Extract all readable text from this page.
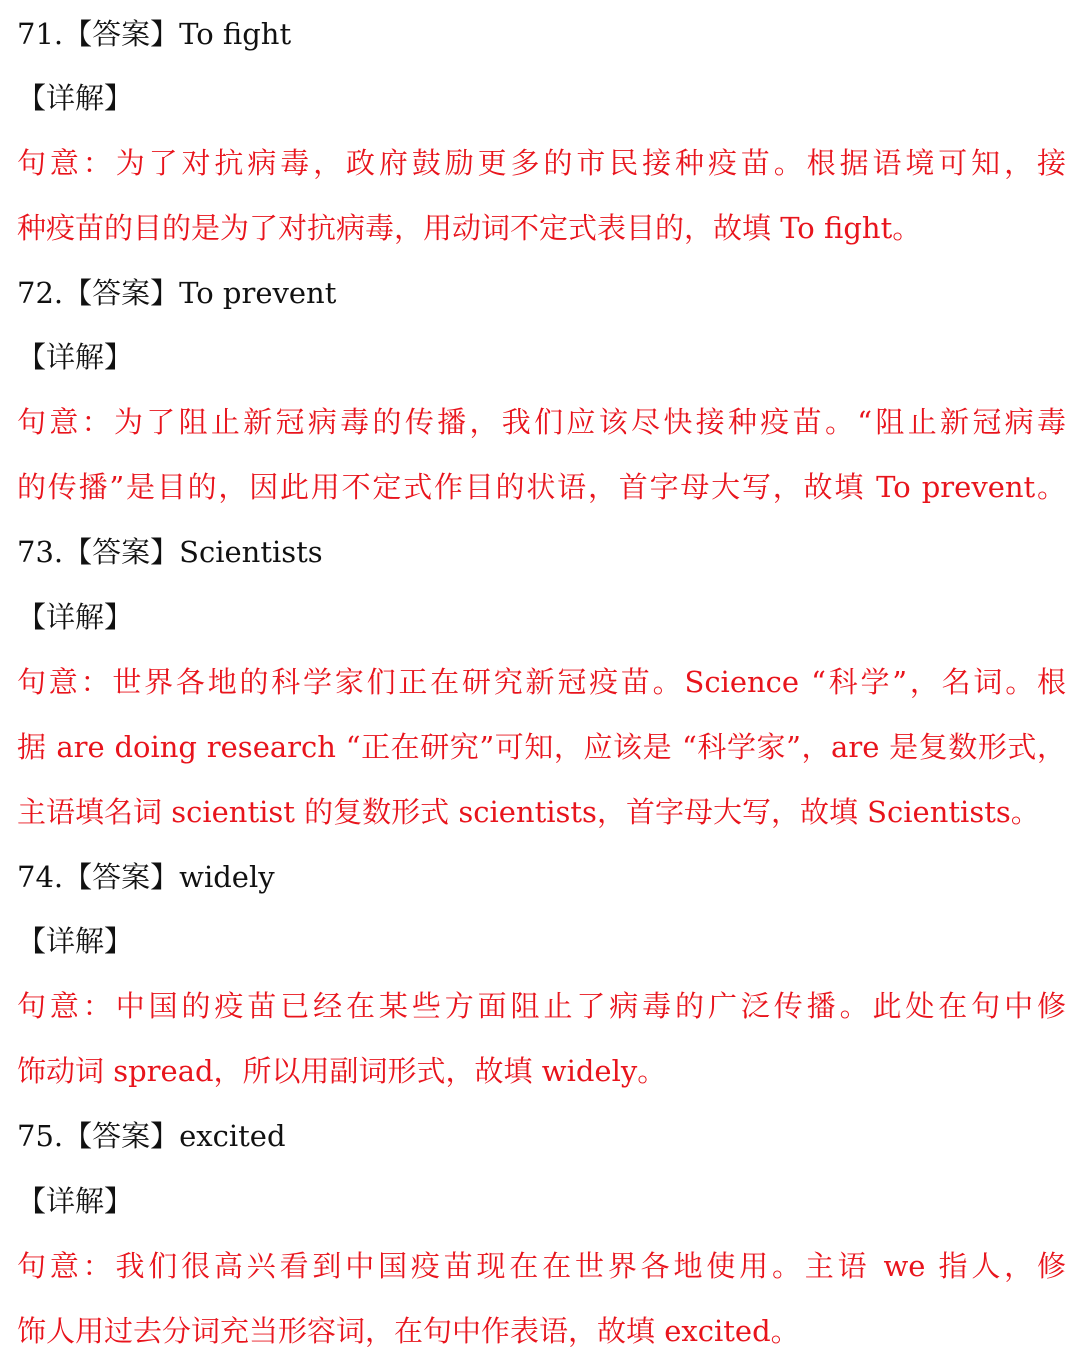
71.【答案】To fight
【详解】
句意：为了对抗病毒，政府鼓励更多的市民接种疫苗。根据语境可知，接
种疫苗的目的是为了对抗病毒，用动词不定式表目的，故填 To fight。
72.【答案】To prevent
【详解】
句意：为了阻止新冠病毒的传播，我们应该尽快接种疫苗。“阻止新冠病毒
的传播”是目的，因此用不定式作目的状语，首字母大写，故填 To prevent。
73.【答案】Scientists
【详解】
句意：世界各地的科学家们正在研究新冠疫苗。Science “科学”，名词。根
据 are doing research “正在研究”可知，应该是 “科学家”，are 是复数形式，
主语填名词 scientist 的复数形式 scientists，首字母大写，故填 Scientists。
74.【答案】widely
【详解】
句意：中国的疫苗已经在某些方面阻止了病毒的广泛传播。此处在句中修
饰动词 spread，所以用副词形式，故填 widely。
75.【答案】excited
【详解】
句意：我们很高兴看到中国疫苗现在在世界各地使用。主语 we 指人，修
饰人用过去分词充当形容词，在句中作表语，故填 excited。
